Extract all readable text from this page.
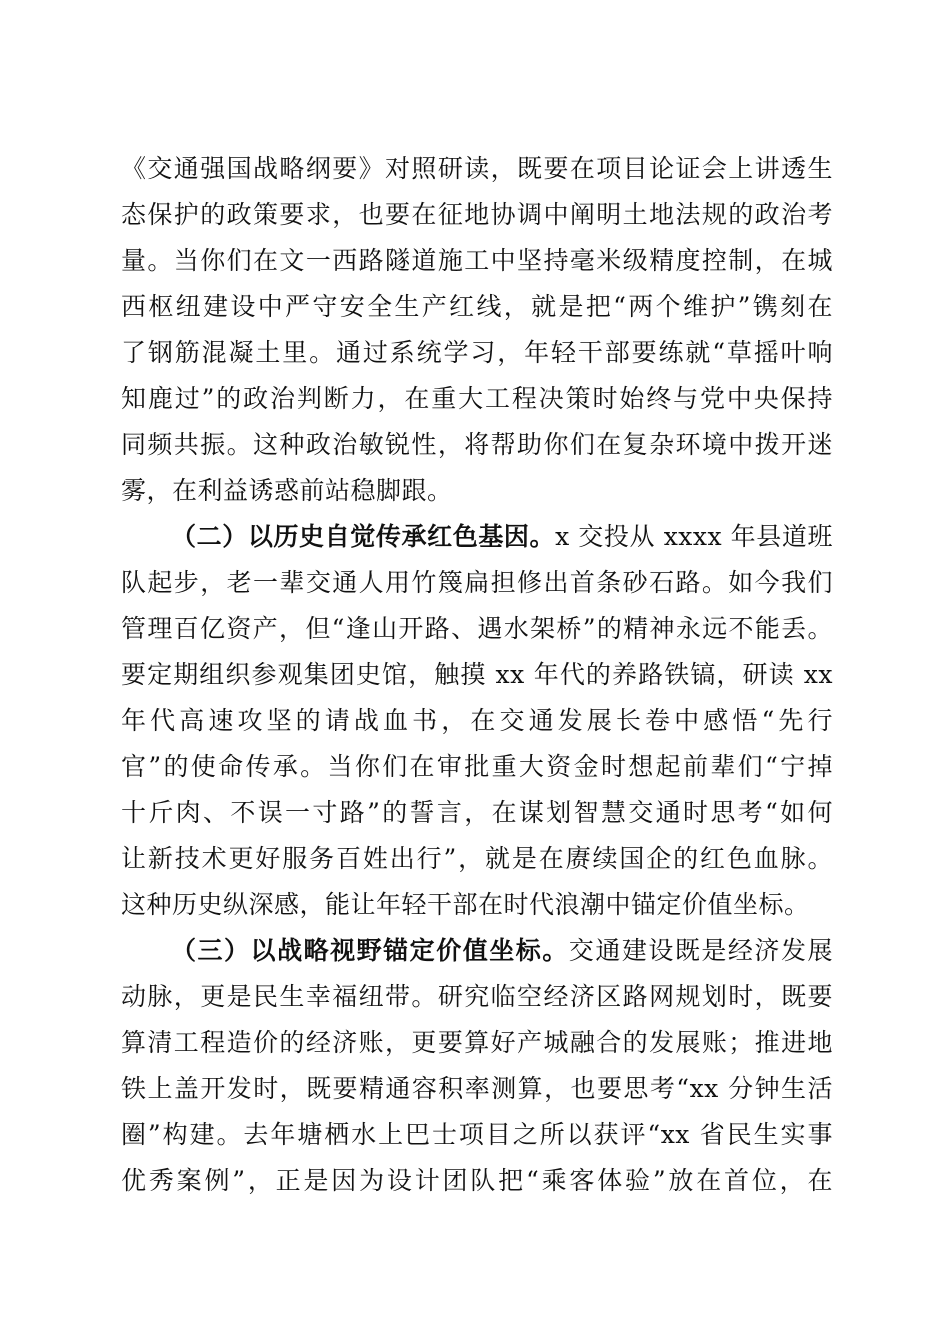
《交通强国战略纲要》对照研读，既要在项目论证会上讲透生
态保护的政策要求，也要在征地协调中阐明土地法规的政治考
量。当你们在文一西路隧道施工中坚持毫米级精度控制，在城
西枢纽建设中严守安全生产红线，就是把“两个维护”镌刻在
了钢筋混凝土里。通过系统学习，年轻干部要练就“草摇叶响
知鹿过”的政治判断力，在重大工程决策时始终与党中央保持
同频共振。这种政治敏锐性，将帮助你们在复杂环境中拨开迷
雾，在利益诱惑前站稳脚跟。
（二）以历史自觉传承红色基因。x 交投从 xxxx 年县道班
队起步，老一辈交通人用竹篾扁担修出首条砂石路。如今我们
管理百亿资产，但“逢山开路、遇水架桥”的精神永远不能丢。
要定期组织参观集团史馆，触摸 xx 年代的养路铁镐，研读 xx
年代高速攻坚的请战血书，在交通发展长卷中感悟“先行
官”的使命传承。当你们在审批重大资金时想起前辈们“宁掉
十斤肉、不误一寸路”的誓言，在谋划智慧交通时思考“如何
让新技术更好服务百姓出行”，就是在赓续国企的红色血脉。
这种历史纵深感，能让年轻干部在时代浪潮中锚定价值坐标。
（三）以战略视野锚定价值坐标。交通建设既是经济发展
动脉，更是民生幸福纽带。研究临空经济区路网规划时，既要
算清工程造价的经济账，更要算好产城融合的发展账；推进地
铁上盖开发时，既要精通容积率测算，也要思考“xx 分钟生活
圈”构建。去年塘栖水上巴士项目之所以获评“xx 省民生实事
优秀案例”，正是因为设计团队把“乘客体验”放在首位，在
